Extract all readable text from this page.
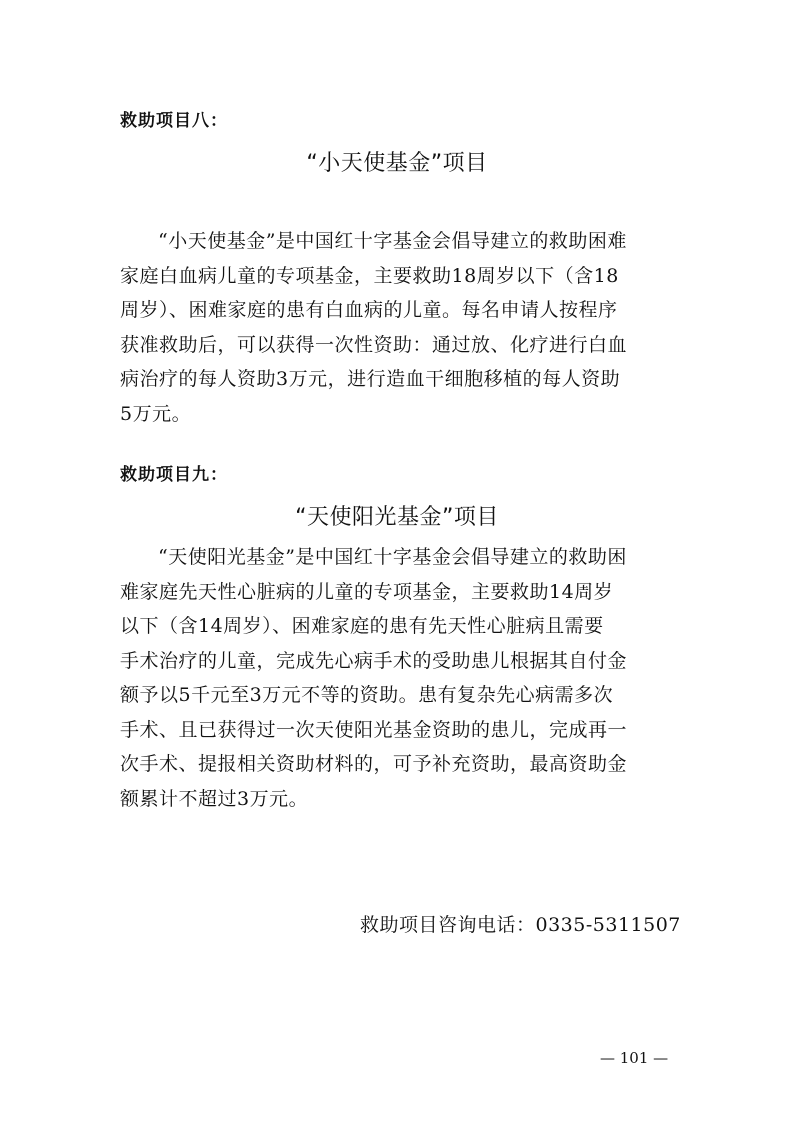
救助项目八：
“小天使基金”项目
“小天使基金”是中国红十字基金会倡导建立的救助困难
家庭白血病儿童的专项基金，主要救助18周岁以下（含18
周岁）、困难家庭的患有白血病的儿童。每名申请人按程序
获准救助后，可以获得一次性资助：通过放、化疗进行白血
病治疗的每人资助3万元，进行造血干细胞移植的每人资助
5万元。
救助项目九：
“天使阳光基金”项目
“天使阳光基金”是中国红十字基金会倡导建立的救助困
难家庭先天性心脏病的儿童的专项基金，主要救助14周岁
以下（含14周岁）、困难家庭的患有先天性心脏病且需要
手术治疗的儿童，完成先心病手术的受助患儿根据其自付金
额予以5千元至3万元不等的资助。患有复杂先心病需多次
手术、且已获得过一次天使阳光基金资助的患儿，完成再一
次手术、提报相关资助材料的，可予补充资助，最高资助金
额累计不超过3万元。
救助项目咨询电话：0335-5311507
— 101 —
